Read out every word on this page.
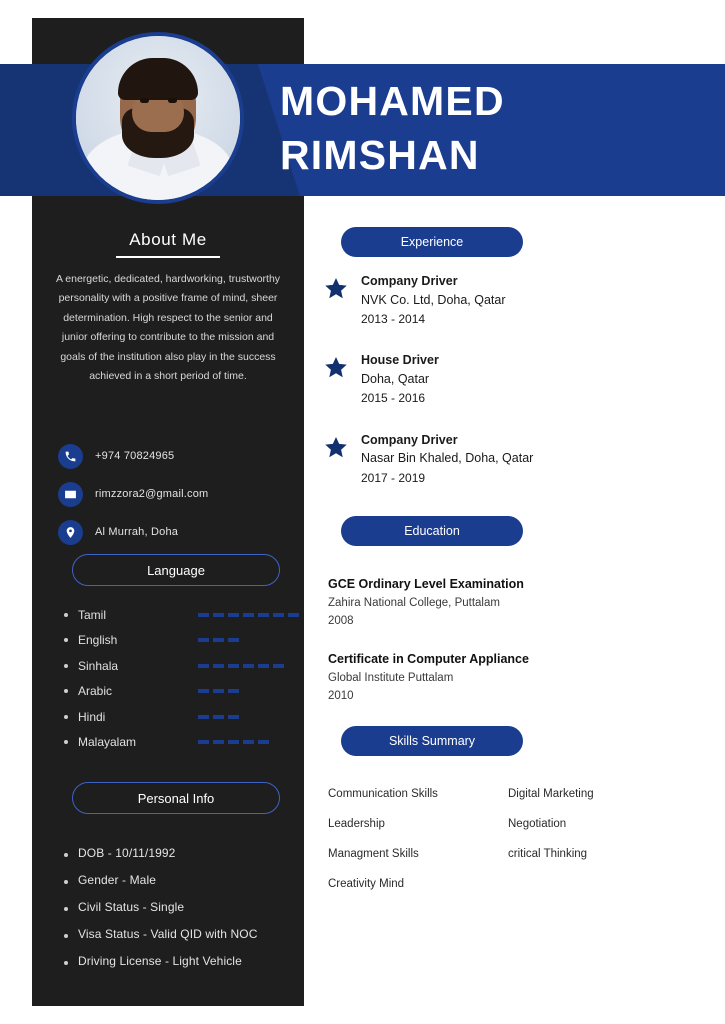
MOHAMED
RIMSHAN
About Me
A energetic, dedicated, hardworking, trustworthy personality with a positive frame of mind, sheer determination. High respect to the senior and junior offering to contribute to the mission and goals of the institution also play in the success achieved in a short period of time.
+974 70824965
rimzzora2@gmail.com
Al Murrah, Doha
Language
Tamil
English
Sinhala
Arabic
Hindi
Malayalam
Personal Info
DOB - 10/11/1992
Gender - Male
Civil Status - Single
Visa Status - Valid QID with NOC
Driving License - Light Vehicle
Experience
Company Driver
NVK Co. Ltd, Doha, Qatar
2013 - 2014
House Driver
Doha, Qatar
2015 - 2016
Company Driver
Nasar Bin Khaled, Doha, Qatar
2017 - 2019
Education
GCE Ordinary Level Examination
Zahira National College, Puttalam
2008
Certificate in Computer Appliance
Global Institute Puttalam
2010
Skills Summary
Communication Skills	Digital Marketing
Leadership	Negotiation
Managment Skills	critical Thinking
Creativity Mind
